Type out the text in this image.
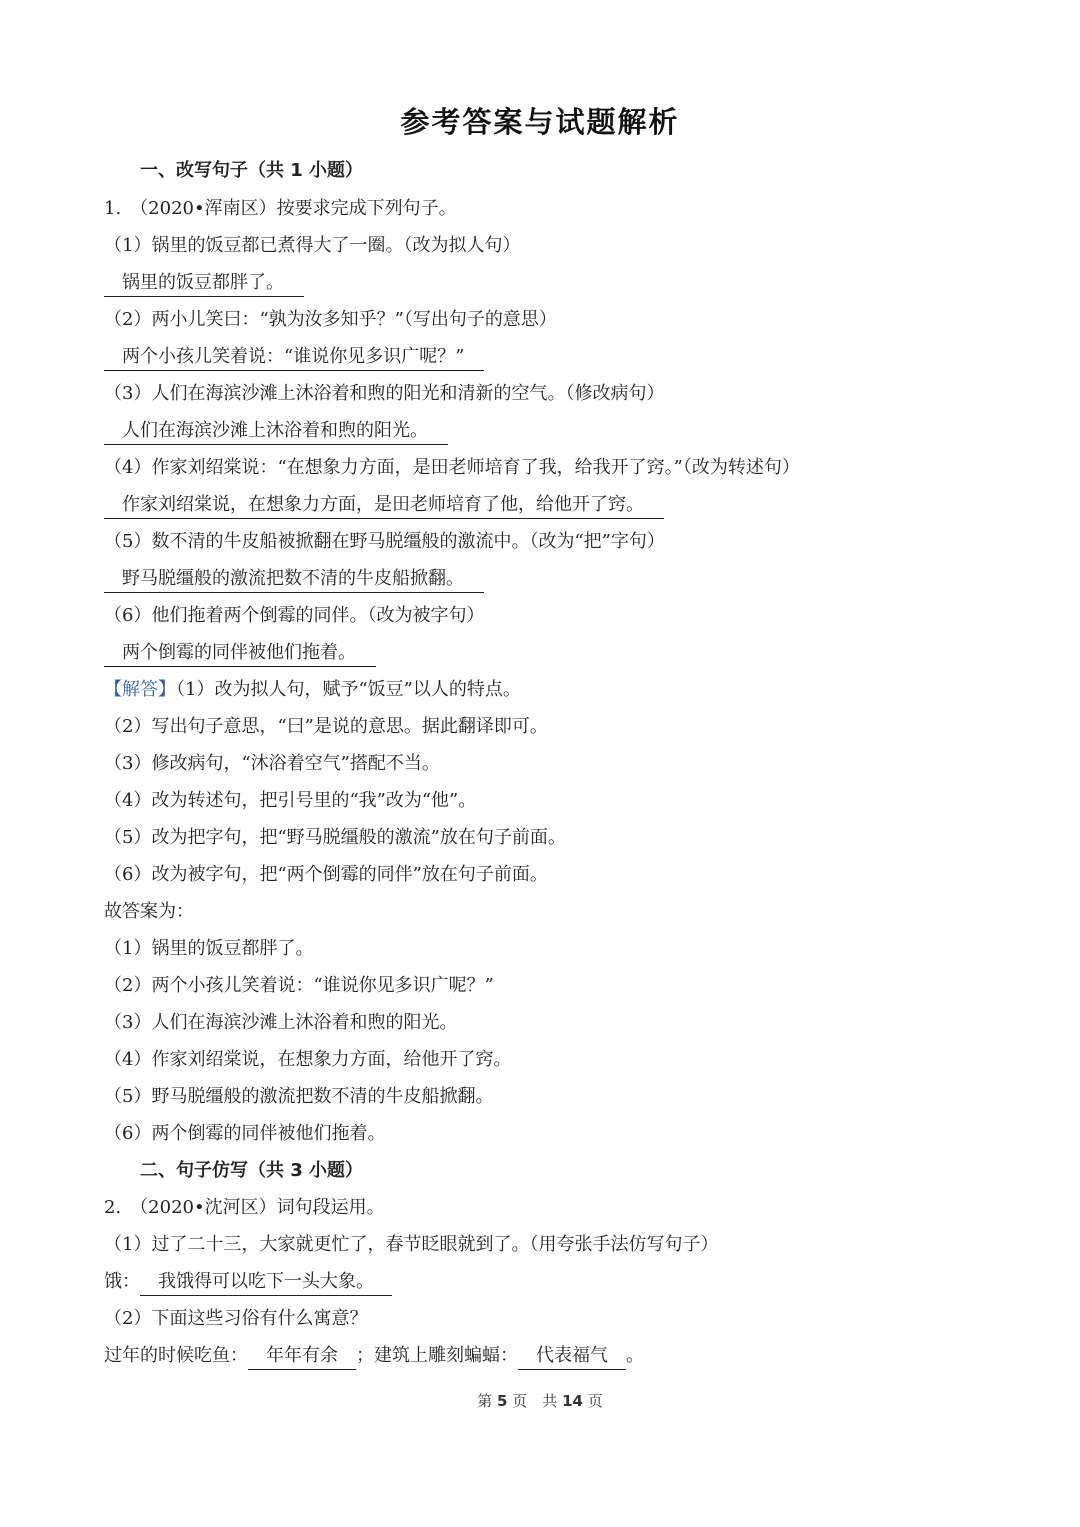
参考答案与试题解析
一、改写句子（共 1 小题）
1.　（2020•浑南区）按要求完成下列句子。
（1）锅里的饭豆都已煮得大了一圈。（改为拟人句）
锅里的饭豆都胖了。
（2）两小儿笑曰：“孰为汝多知乎？”（写出句子的意思）
两个小孩儿笑着说：“谁说你见多识广呢？”
（3）人们在海滨沙滩上沐浴着和煦的阳光和清新的空气。（修改病句）
人们在海滨沙滩上沐浴着和煦的阳光。
（4）作家刘绍棠说：“在想象力方面，是田老师培育了我，给我开了窍。”（改为转述句）
作家刘绍棠说，在想象力方面，是田老师培育了他，给他开了窍。
（5）数不清的牛皮船被掀翻在野马脱缰般的激流中。（改为“把”字句）
野马脱缰般的激流把数不清的牛皮船掀翻。
（6）他们拖着两个倒霉的同伴。（改为被字句）
两个倒霉的同伴被他们拖着。
【解答】（1）改为拟人句，赋予“饭豆”以人的特点。
（2）写出句子意思，“曰”是说的意思。据此翻译即可。
（3）修改病句，“沐浴着空气”搭配不当。
（4）改为转述句，把引号里的“我”改为“他”。
（5）改为把字句，把“野马脱缰般的激流”放在句子前面。
（6）改为被字句，把“两个倒霉的同伴”放在句子前面。
故答案为：
（1）锅里的饭豆都胖了。
（2）两个小孩儿笑着说：“谁说你见多识广呢？”
（3）人们在海滨沙滩上沐浴着和煦的阳光。
（4）作家刘绍棠说，在想象力方面，给他开了窍。
（5）野马脱缰般的激流把数不清的牛皮船掀翻。
（6）两个倒霉的同伴被他们拖着。
二、句子仿写（共 3 小题）
2.　（2020•沈河区）词句段运用。
（1）过了二十三，大家就更忙了，春节眨眼就到了。（用夸张手法仿写句子）
饿： 我饿得可以吃下一头大象。
（2）下面这些习俗有什么寓意？
过年的时候吃鱼： 年年有余 ；建筑上雕刻蝙蝠： 代表福气 。
第 5 页　共 14 页
